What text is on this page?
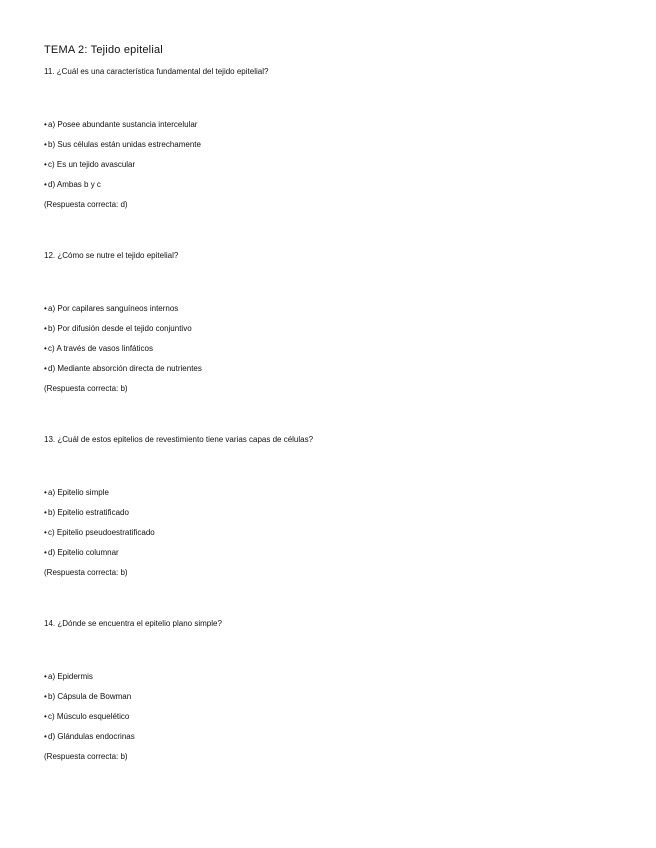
TEMA 2: Tejido epitelial
11. ¿Cuál es una característica fundamental del tejido epitelial?
•a) Posee abundante sustancia intercelular
•b) Sus células están unidas estrechamente
•c) Es un tejido avascular
•d) Ambas b y c
(Respuesta correcta: d)
12. ¿Cómo se nutre el tejido epitelial?
•a) Por capilares sanguíneos internos
•b) Por difusión desde el tejido conjuntivo
•c) A través de vasos linfáticos
•d) Mediante absorción directa de nutrientes
(Respuesta correcta: b)
13. ¿Cuál de estos epitelios de revestimiento tiene varias capas de células?
•a) Epitelio simple
•b) Epitelio estratificado
•c) Epitelio pseudoestratificado
•d) Epitelio columnar
(Respuesta correcta: b)
14. ¿Dónde se encuentra el epitelio plano simple?
•a) Epidermis
•b) Cápsula de Bowman
•c) Músculo esquelético
•d) Glándulas endocrinas
(Respuesta correcta: b)
